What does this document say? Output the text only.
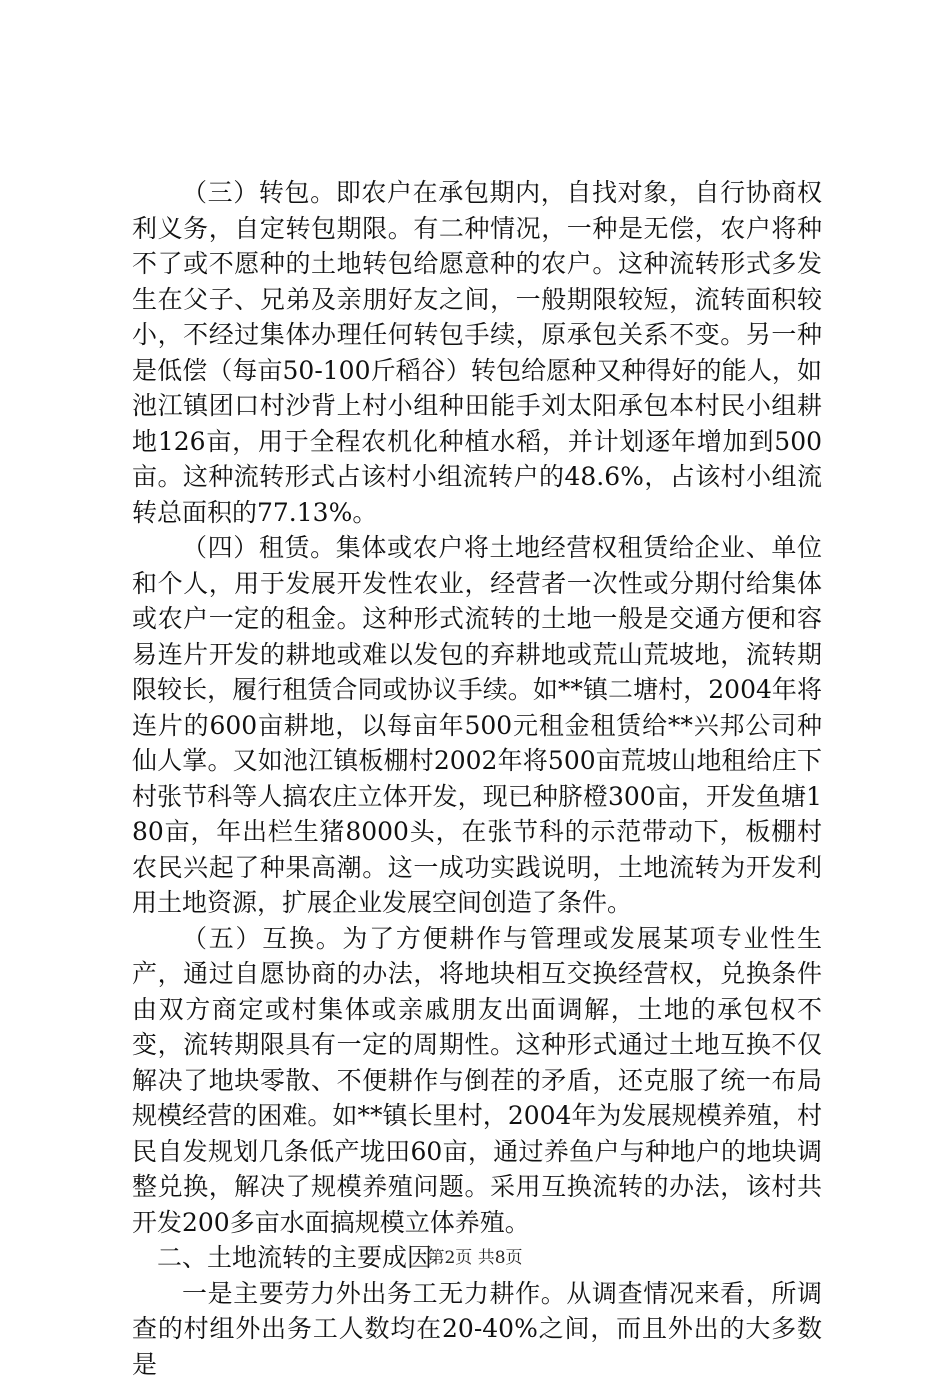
（三）转包。即农户在承包期内，自找对象，自行协商权利义务，自定转包期限。有二种情况，一种是无偿，农户将种不了或不愿种的土地转包给愿意种的农户。这种流转形式多发生在父子、兄弟及亲朋好友之间，一般期限较短，流转面积较小，不经过集体办理任何转包手续，原承包关系不变。另一种是低偿（每亩50-100斤稻谷）转包给愿种又种得好的能人，如池江镇团口村沙背上村小组种田能手刘太阳承包本村民小组耕地126亩，用于全程农机化种植水稻，并计划逐年增加到500亩。这种流转形式占该村小组流转户的48.6%，占该村小组流转总面积的77.13%。

（四）租赁。集体或农户将土地经营权租赁给企业、单位和个人，用于发展开发性农业，经营者一次性或分期付给集体或农户一定的租金。这种形式流转的土地一般是交通方便和容易连片开发的耕地或难以发包的弃耕地或荒山荒坡地，流转期限较长，履行租赁合同或协议手续。如**镇二塘村，2004年将连片的600亩耕地，以每亩年500元租金租赁给**兴邦公司种仙人掌。又如池江镇板棚村2002年将500亩荒坡山地租给庄下村张节科等人搞农庄立体开发，现已种脐橙300亩，开发鱼塘180亩，年出栏生猪8000头，在张节科的示范带动下，板棚村农民兴起了种果高潮。这一成功实践说明，土地流转为开发利用土地资源，扩展企业发展空间创造了条件。

（五）互换。为了方便耕作与管理或发展某项专业性生产，通过自愿协商的办法，将地块相互交换经营权，兑换条件由双方商定或村集体或亲戚朋友出面调解，土地的承包权不变，流转期限具有一定的周期性。这种形式通过土地互换不仅解决了地块零散、不便耕作与倒茬的矛盾，还克服了统一布局规模经营的困难。如**镇长里村，2004年为发展规模养殖，村民自发规划几条低产垅田60亩，通过养鱼户与种地户的地块调整兑换，解决了规模养殖问题。采用互换流转的办法，该村共开发200多亩水面搞规模立体养殖。

二、土地流转的主要成因

一是主要劳力外出务工无力耕作。从调查情况来看，所调查的村组外出务工人数均在20-40%之间，而且外出的大多数是

第2页 共8页
